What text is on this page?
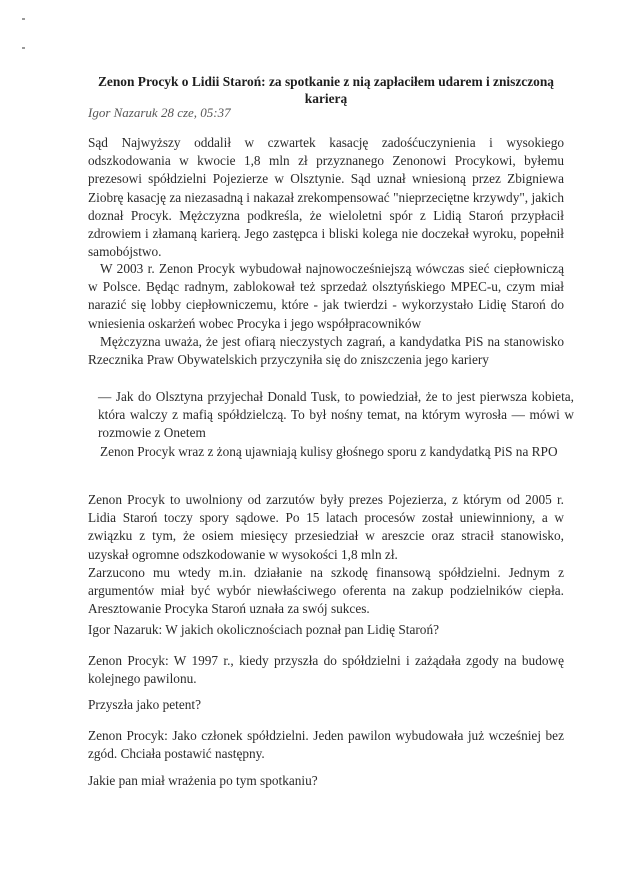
Zenon Procyk o Lidii Staroń: za spotkanie z nią zapłaciłem udarem i zniszczoną karierą

Igor Nazaruk 28 cze, 05:37

Sąd Najwyższy oddalił w czwartek kasację zadośćuczynienia i wysokiego odszkodowania w kwocie 1,8 mln zł przyznanego Zenonowi Procykowi, byłemu prezesowi spółdzielni Pojezierze w Olsztynie. Sąd uznał wniesioną przez Zbigniewa Ziobrę kasację za niezasadną i nakazał zrekompensować "nieprzeciętne krzywdy", jakich doznał Procyk. Mężczyzna podkreśla, że wieloletni spór z Lidią Staroń przypłacił zdrowiem i złamaną karierą. Jego zastępca i bliski kolega nie doczekał wyroku, popełnił samobójstwo.

W 2003 r. Zenon Procyk wybudował najnowocześniejszą wówczas sieć ciepłowniczą w Polsce. Będąc radnym, zablokował też sprzedaż olsztyńskiego MPEC-u, czym miał narazić się lobby ciepłowniczemu, które - jak twierdzi - wykorzystało Lidię Staroń do wniesienia oskarżeń wobec Procyka i jego współpracowników

Mężczyzna uważa, że jest ofiarą nieczystych zagrań, a kandydatka PiS na stanowisko Rzecznika Praw Obywatelskich przyczyniła się do zniszczenia jego kariery

— Jak do Olsztyna przyjechał Donald Tusk, to powiedział, że to jest pierwsza kobieta, która walczy z mafią spółdzielczą. To był nośny temat, na którym wyrosła — mówi w rozmowie z Onetem

Zenon Procyk wraz z żoną ujawniają kulisy głośnego sporu z kandydatką PiS na RPO

Zenon Procyk to uwolniony od zarzutów były prezes Pojezierza, z którym od 2005 r. Lidia Staroń toczy spory sądowe. Po 15 latach procesów został uniewinniony, a w związku z tym, że osiem miesięcy przesiedział w areszcie oraz stracił stanowisko, uzyskał ogromne odszkodowanie w wysokości 1,8 mln zł.

Zarzucono mu wtedy m.in. działanie na szkodę finansową spółdzielni. Jednym z argumentów miał być wybór niewłaściwego oferenta na zakup podzielników ciepła. Aresztowanie Procyka Staroń uznała za swój sukces.

Igor Nazaruk: W jakich okolicznościach poznał pan Lidię Staroń?

Zenon Procyk: W 1997 r., kiedy przyszła do spółdzielni i zażądała zgody na budowę kolejnego pawilonu.

Przyszła jako petent?

Zenon Procyk: Jako członek spółdzielni. Jeden pawilon wybudowała już wcześniej bez zgód. Chciała postawić następny.

Jakie pan miał wrażenia po tym spotkaniu?
